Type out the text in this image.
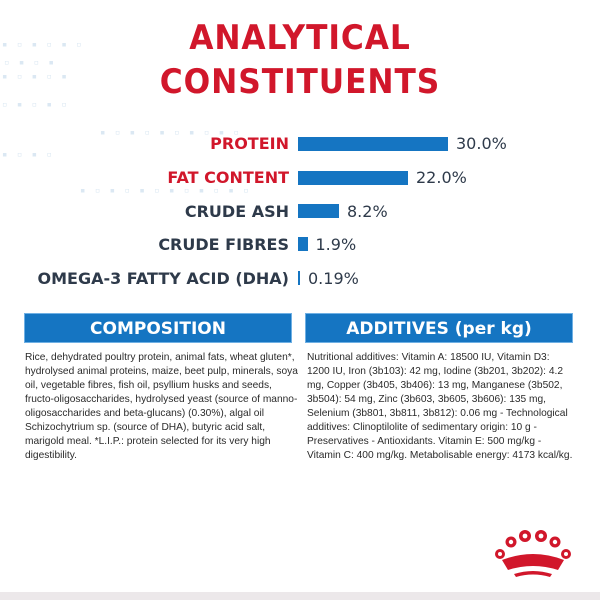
▪ ▫ ▪ ▫ ▪ ▫
▫ ▪ ▫ ▪
▪ ▫ ▪ ▫ ▪
▫ ▪ ▫ ▪ ▫
▪ ▫ ▪ ▫
▪ ▫ ▪ ▫ ▪ ▫ ▪ ▫ ▪ ▫
▪ ▫ ▪ ▫ ▪ ▫ ▪ ▫ ▪ ▫ ▪ ▫
ANALYTICAL
CONSTITUENTS
PROTEIN	30.0%
FAT CONTENT	22.0%
CRUDE ASH	8.2%
CRUDE FIBRES 1.9%
OMEGA-3 FATTY ACID (DHA) 0.19%
COMPOSITION
Rice, dehydrated poultry protein, animal fats, wheat gluten*, hydrolysed animal proteins, maize, beet pulp, minerals, soya oil, vegetable fibres, fish oil, psyllium husks and seeds, fructo-oligosaccharides, hydrolysed yeast (source of manno-oligosaccharides and beta-glucans) (0.30%), algal oil Schizochytrium sp. (source of DHA), butyric acid salt, marigold meal. *L.I.P.: protein selected for its very high digestibility.
ADDITIVES (per kg)
Nutritional additives: Vitamin A: 18500 IU, Vitamin D3: 1200 IU, Iron (3b103): 42 mg, Iodine (3b201, 3b202): 4.2 mg, Copper (3b405, 3b406): 13 mg, Manganese (3b502, 3b504): 54 mg, Zinc (3b603, 3b605, 3b606): 135 mg, Selenium (3b801, 3b811, 3b812): 0.06 mg - Technological additives: Clinoptilolite of sedimentary origin: 10 g - Preservatives - Antioxidants. Vitamin E: 500 mg/kg - Vitamin C: 400 mg/kg. Metabolisable energy: 4173 kcal/kg.
